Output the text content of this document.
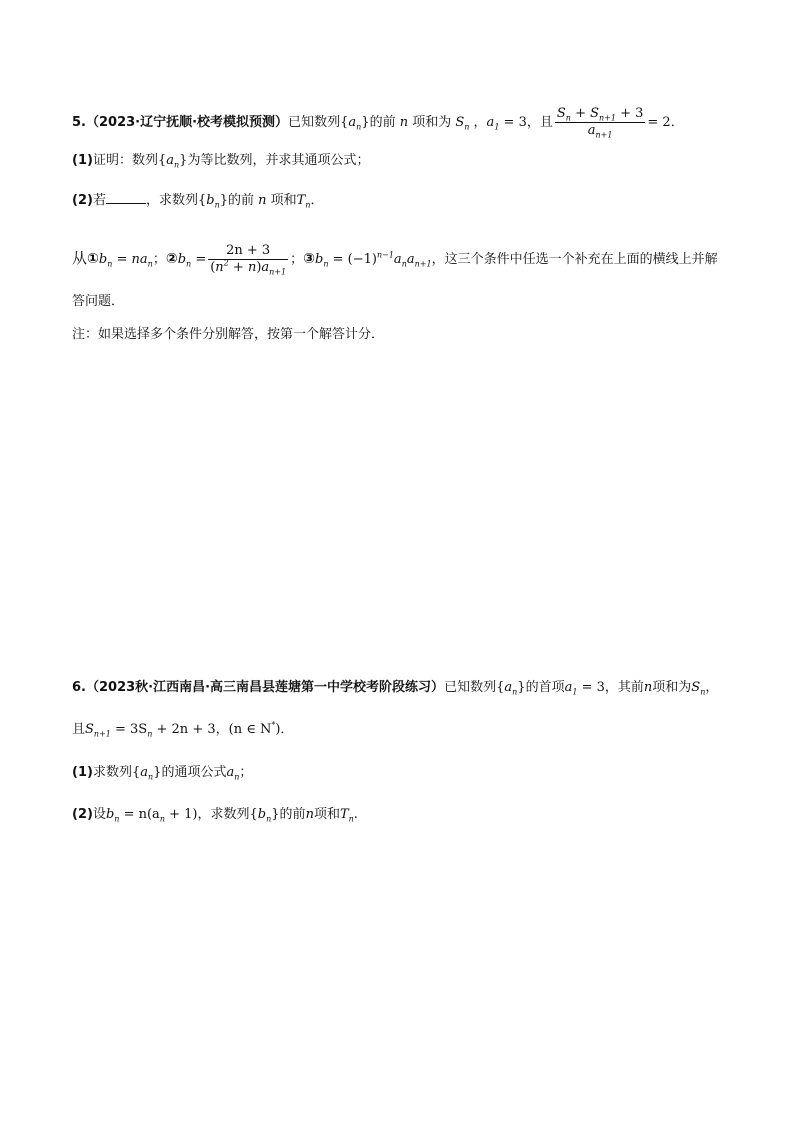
5.（2023·辽宁抚顺·校考模拟预测）已知数列$\{a_n\}$的前 n 项和为 $S_n$ ，$a_1 = 3$，且 $\frac{S_n + S_{n+1} + 3}{a_{n+1}} = 2$．
(1)证明：数列$\{a_n\}$为等比数列，并求其通项公式；
(2)若	，求数列$\{b_n\}$的前 n 项和$T_n$．
从$①b_n = na_n$；$②b_n = \frac{2n + 3}{(n^2 + n)a_{n+1}}$ ；$③b_n = (-1)^{n-1}a_na_{n+1}$，这三个条件中任选一个补充在上面的横线上并解
答问题．
注：如果选择多个条件分别解答，按第一个解答计分．
6.（2023秋·江西南昌·高三南昌县莲塘第一中学校考阶段练习）已知数列$\{a_n\}$的首项$a_1 = 3$，其前n项和为$S_n$，
且$S_{n+1} = 3S_n + 2n + 3$，(n ∈ N*)．
(1)求数列$\{a_n\}$的通项公式$a_n$；
(2)设$b_n = n(a_n + 1)$，求数列$\{b_n\}$的前n项和$T_n$.
